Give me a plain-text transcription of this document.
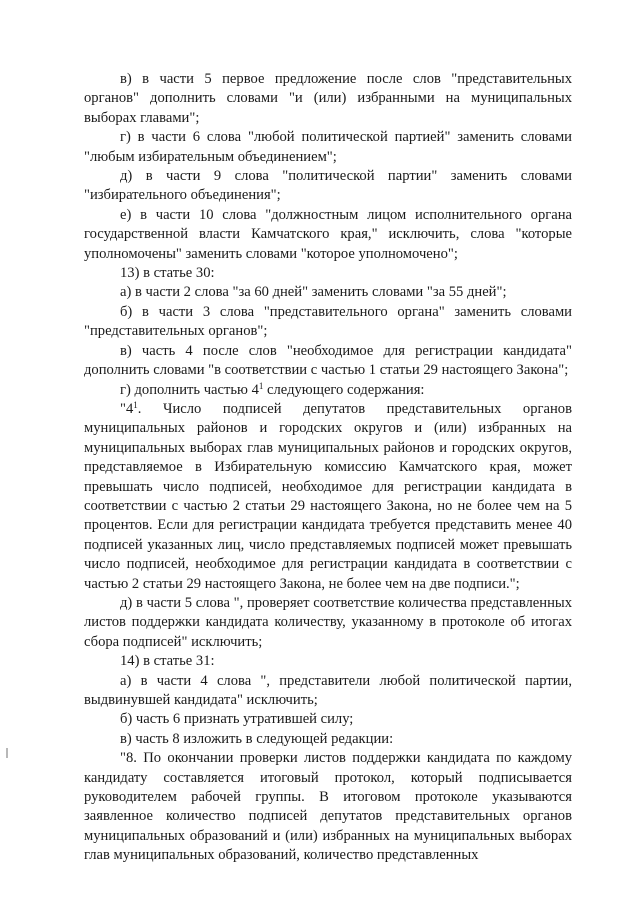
в) в части 5 первое предложение после слов "представительных органов" дополнить словами "и (или) избранными на муниципальных выборах главами";

г) в части 6 слова "любой политической партией" заменить словами "любым избирательным объединением";

д) в части 9 слова "политической партии" заменить словами "избирательного объединения";

е) в части 10 слова "должностным лицом исполнительного органа государственной власти Камчатского края," исключить, слова "которые уполномочены" заменить словами "которое уполномочено";

13) в статье 30:

а) в части 2 слова "за 60 дней" заменить словами "за 55 дней";

б) в части 3 слова "представительного органа" заменить словами "представительных органов";

в) часть 4 после слов "необходимое для регистрации кандидата" дополнить словами "в соответствии с частью 1 статьи 29 настоящего Закона";

г) дополнить частью $4^1$ следующего содержания:

"$4^1$. Число подписей депутатов представительных органов муниципальных районов и городских округов и (или) избранных на муниципальных выборах глав муниципальных районов и городских округов, представляемое в Избирательную комиссию Камчатского края, может превышать число подписей, необходимое для регистрации кандидата в соответствии с частью 2 статьи 29 настоящего Закона, но не более чем на 5 процентов. Если для регистрации кандидата требуется представить менее 40 подписей указанных лиц, число представляемых подписей может превышать число подписей, необходимое для регистрации кандидата в соответствии с частью 2 статьи 29 настоящего Закона, не более чем на две подписи.";

д) в части 5 слова ", проверяет соответствие количества представленных листов поддержки кандидата количеству, указанному в протоколе об итогах сбора подписей" исключить;

14) в статье 31:

а) в части 4 слова ", представители любой политической партии, выдвинувшей кандидата" исключить;

б) часть 6 признать утратившей силу;

в) часть 8 изложить в следующей редакции:

"8. По окончании проверки листов поддержки кандидата по каждому кандидату составляется итоговый протокол, который подписывается руководителем рабочей группы. В итоговом протоколе указываются заявленное количество подписей депутатов представительных органов муниципальных образований и (или) избранных на муниципальных выборах глав муниципальных образований, количество представленных
